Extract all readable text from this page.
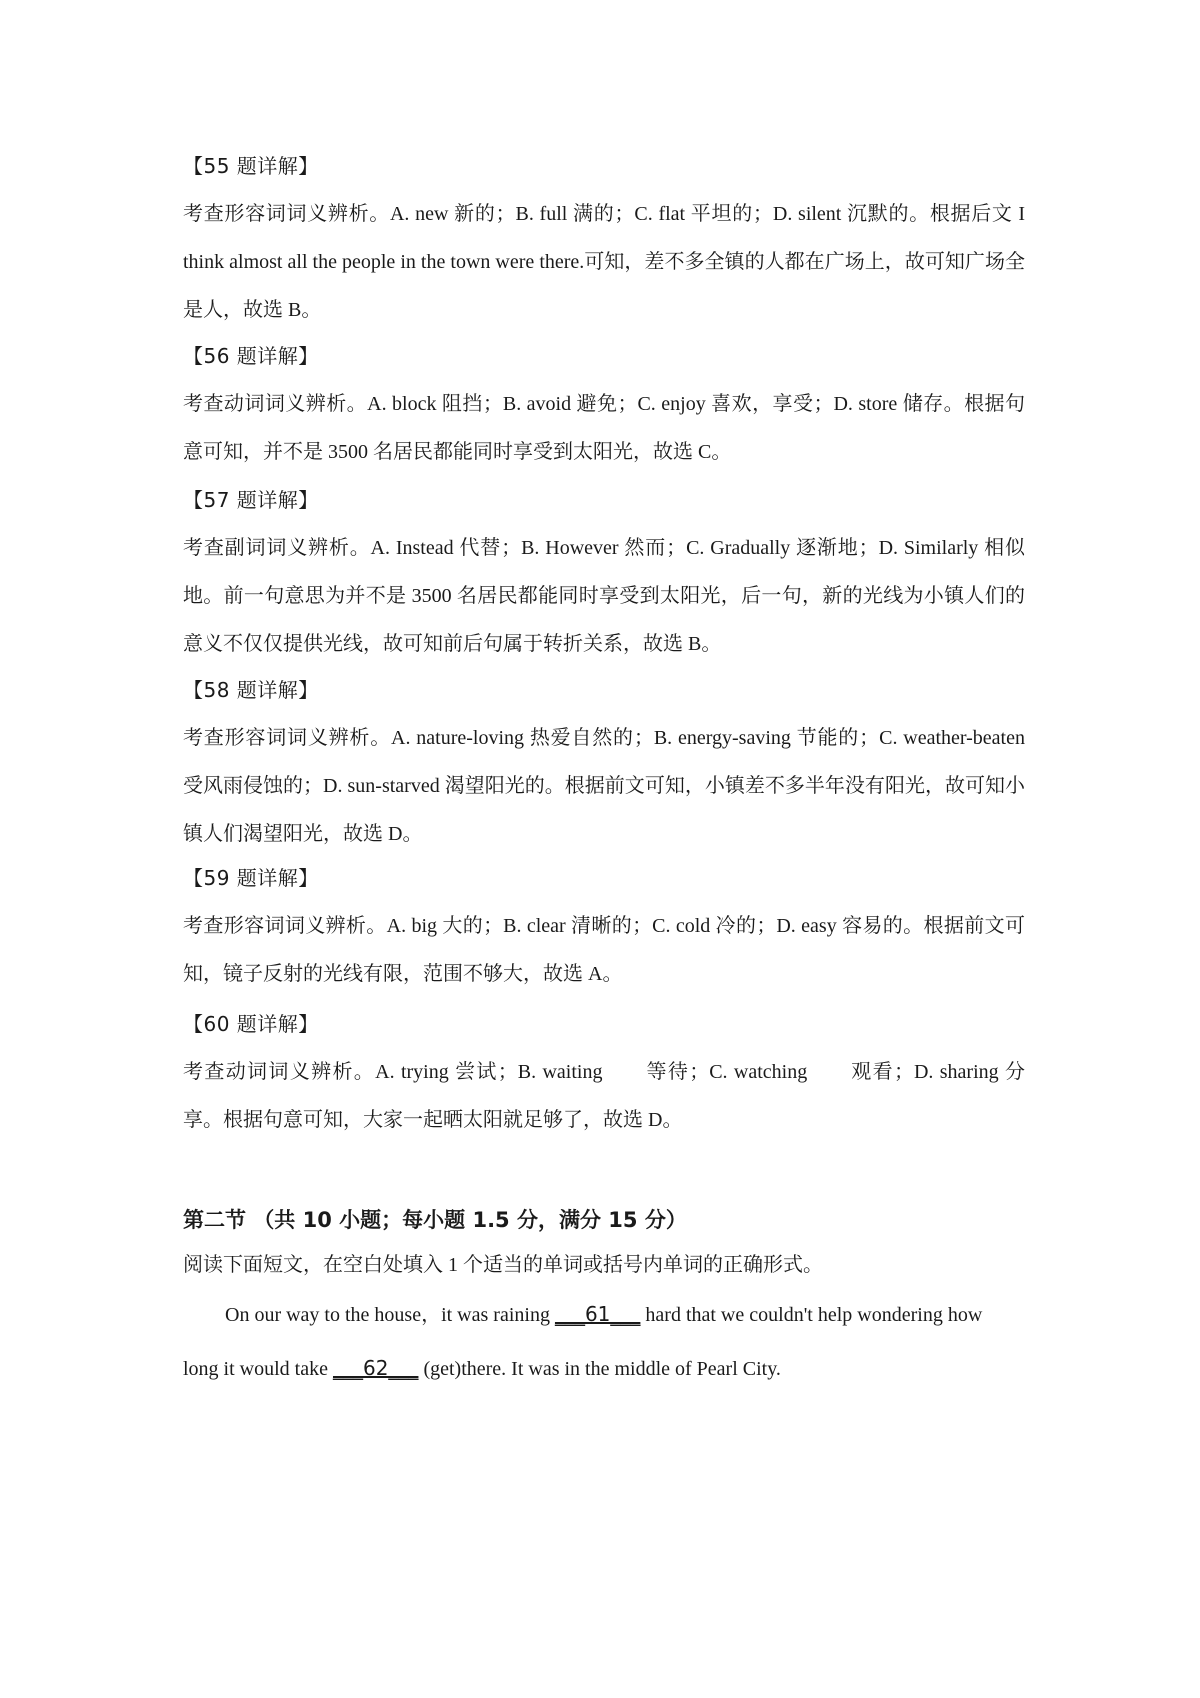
【55 题详解】
考查形容词词义辨析。A. new 新的；B. full 满的；C. flat 平坦的；D. silent 沉默的。根据后文 I think almost all the people in the town were there.可知，差不多全镇的人都在广场上，故可知广场全是人，故选 B。
【56 题详解】
考查动词词义辨析。A. block 阻挡；B. avoid 避免；C. enjoy 喜欢，享受；D. store 储存。根据句意可知，并不是 3500 名居民都能同时享受到太阳光，故选 C。
【57 题详解】
考查副词词义辨析。A. Instead 代替；B. However 然而；C. Gradually 逐渐地；D. Similarly 相似地。前一句意思为并不是 3500 名居民都能同时享受到太阳光，后一句，新的光线为小镇人们的意义不仅仅提供光线，故可知前后句属于转折关系，故选 B。
【58 题详解】
考查形容词词义辨析。A. nature-loving 热爱自然的；B. energy-saving 节能的；C. weather-beaten 受风雨侵蚀的；D. sun-starved 渴望阳光的。根据前文可知，小镇差不多半年没有阳光，故可知小镇人们渴望阳光，故选 D。
【59 题详解】
考查形容词词义辨析。A. big 大的；B. clear 清晰的；C. cold 冷的；D. easy 容易的。根据前文可知，镜子反射的光线有限，范围不够大，故选 A。
【60 题详解】
考查动词词义辨析。A. trying 尝试；B. waiting　　等待；C. watching　　观看；D. sharing 分享。根据句意可知，大家一起晒太阳就足够了，故选 D。
第二节 （共 10 小题；每小题 1.5 分，满分 15 分）
阅读下面短文，在空白处填入 1 个适当的单词或括号内单词的正确形式。
On our way to the house，it was raining ___61___ hard that we couldn't help wondering how
long it would take ___62___ (get)there. It was in the middle of Pearl City.
